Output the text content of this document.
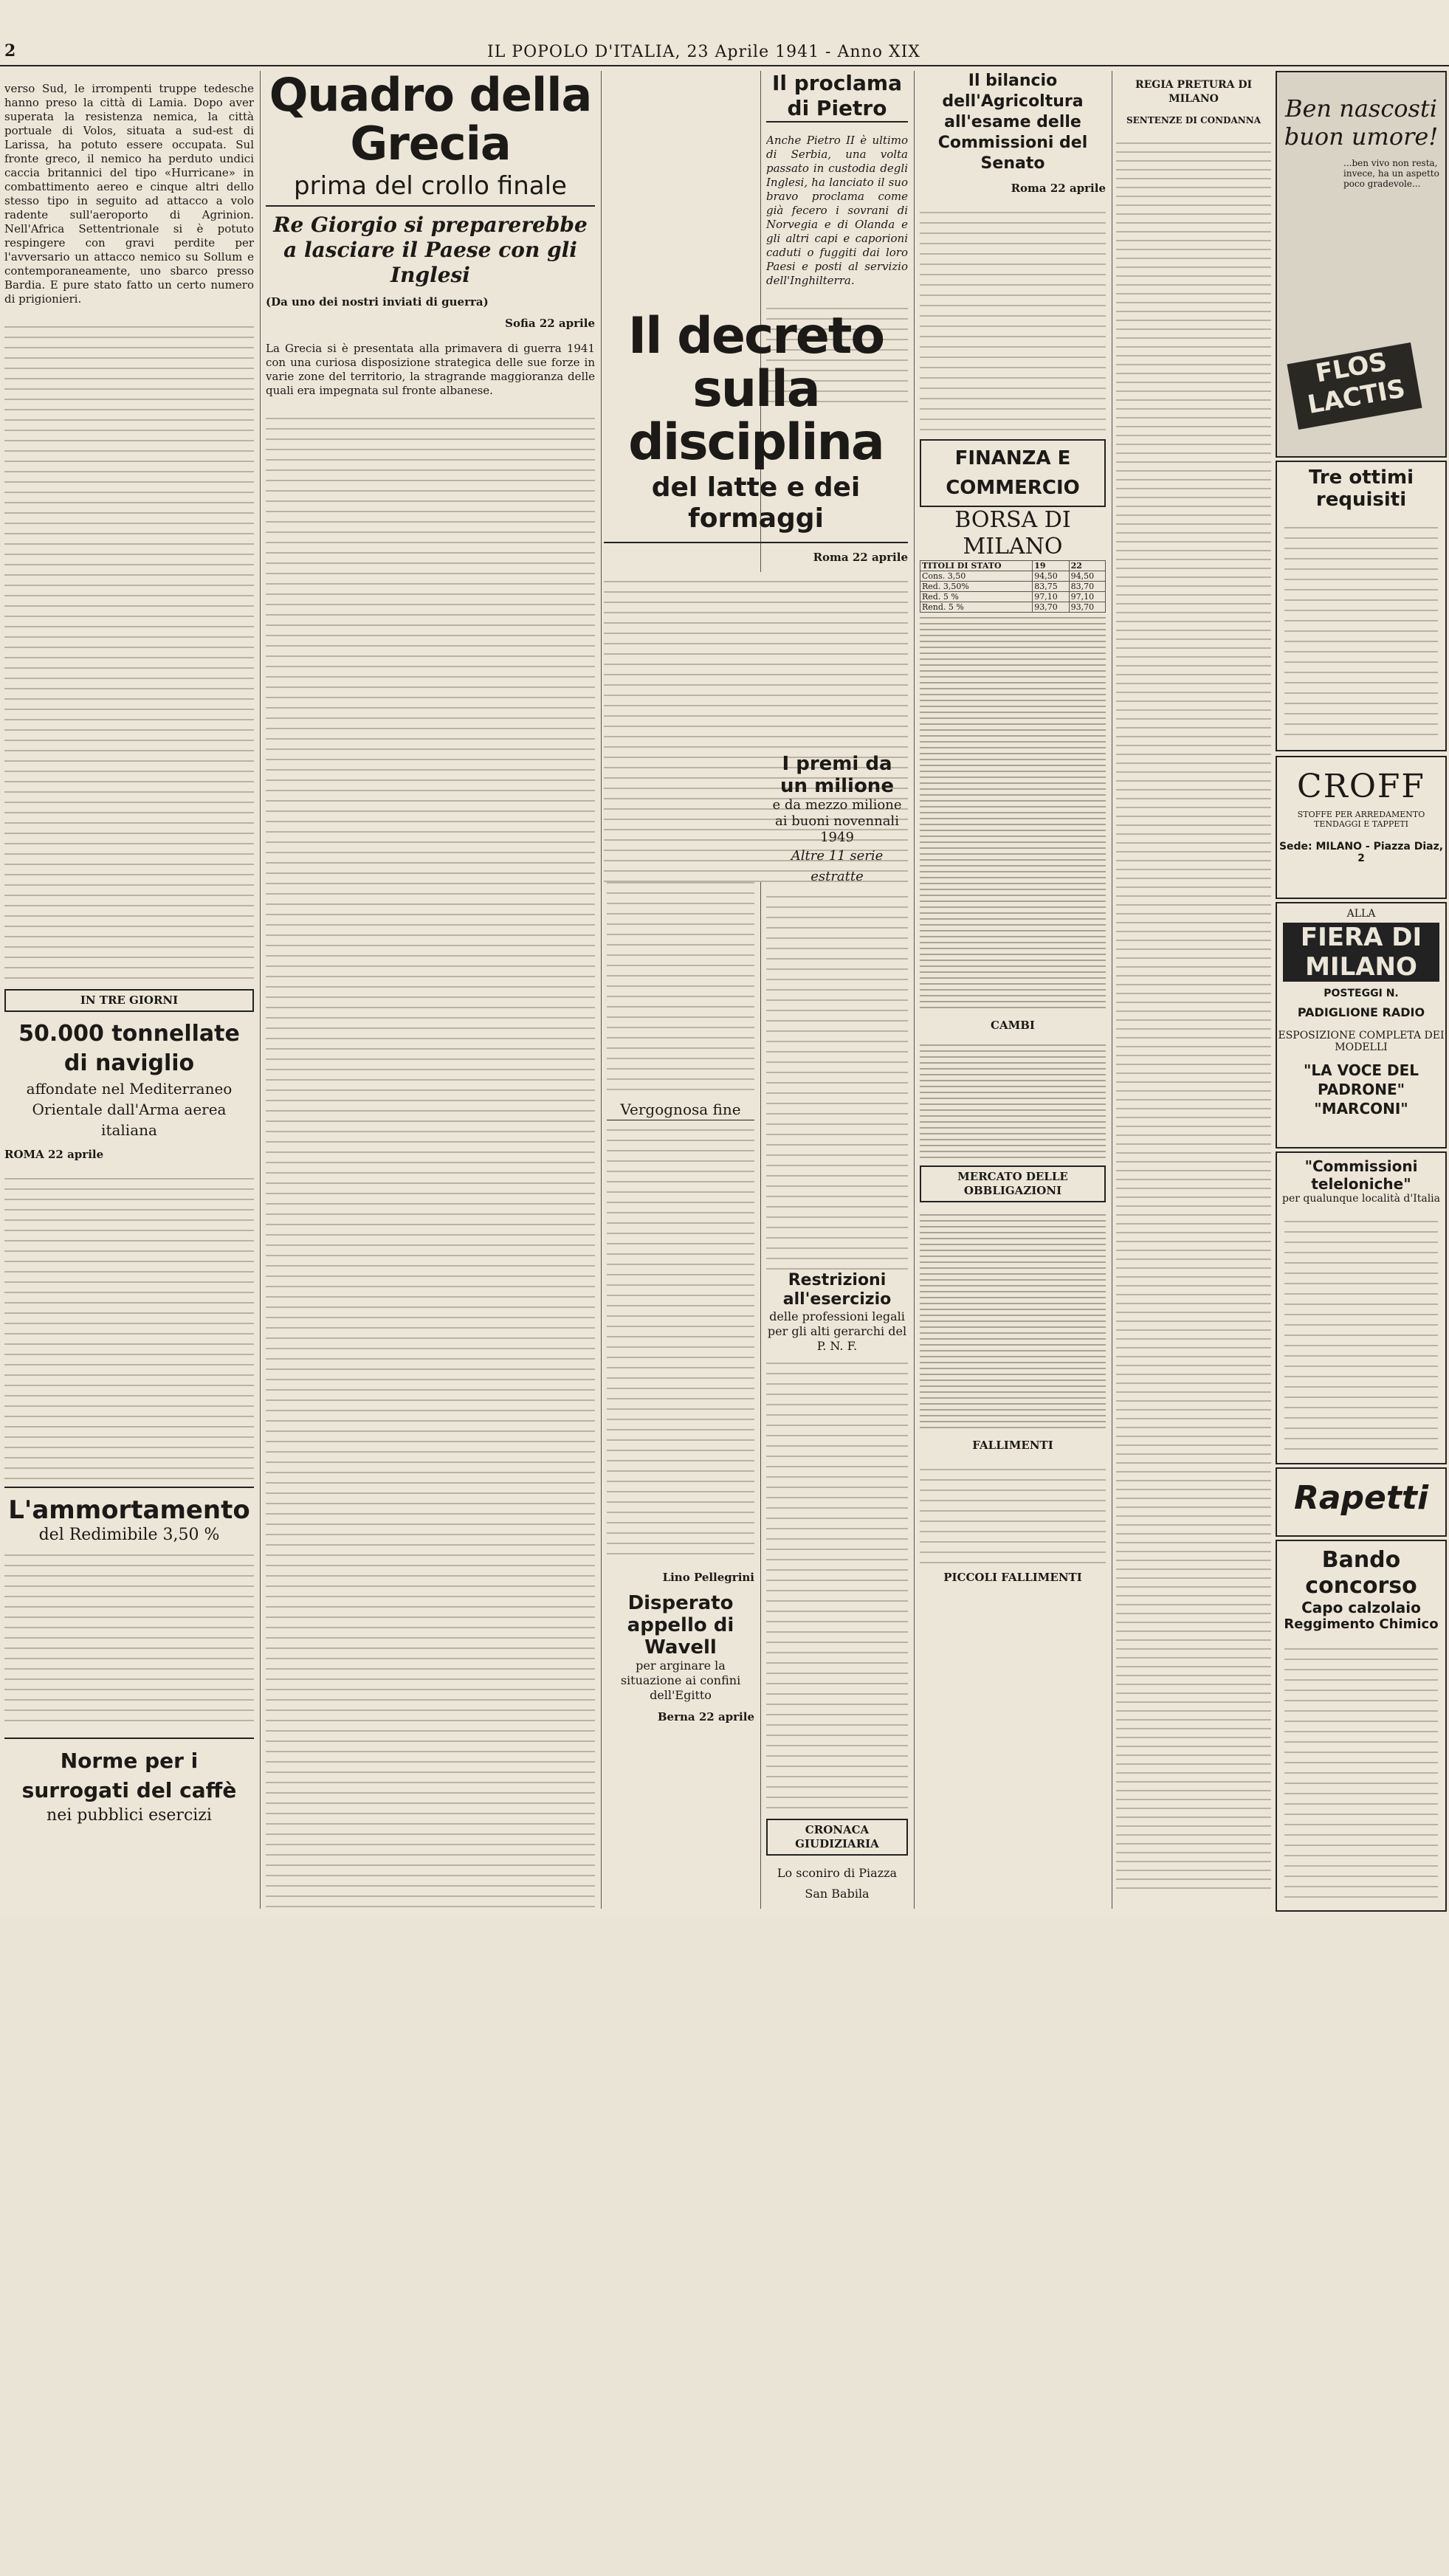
2	IL POPOLO D'ITALIA, 23 Aprile 1941 - Anno XIX

verso Sud, le irrompenti truppe tedesche hanno preso la città di Lamia. Dopo aver superata la resistenza nemica, la città portuale di Volos, situata a sud-est di Larissa, ha potuto essere occupata. Sul fronte greco, il nemico ha perduto undici caccia britannici del tipo «Hurricane» in combattimento aereo e cinque altri dello stesso tipo in seguito ad attacco a volo radente sull'aeroporto di Agrinion. Nell'Africa Settentrionale si è potuto respingere con gravi perdite per l'avversario un attacco nemico su Sollum e contemporaneamente, uno sbarco presso Bardia. E pure stato fatto un certo numero di prigionieri.

IN TRE GIORNI
50.000 tonnellate di naviglio
affondate nel Mediterraneo Orientale dall'Arma aerea italiana
ROMA 22 aprile
L'ammortamento
del Redimibile 3,50 %
Norme per i surrogati del caffè
nei pubblici esercizi
Quadro della Grecia
prima del crollo finale
Re Giorgio si preparerebbe a lasciare il Paese con gli Inglesi
(Da uno dei nostri inviati di guerra)
Sofia 22 aprile

La Grecia si è presentata alla primavera di guerra 1941 con una curiosa disposizione strategica delle sue forze in varie zone del territorio, la stragrande maggioranza delle quali era impegnata sul fronte albanese.

Vergognosa fine
Lino Pellegrini
Disperato appello di Wavell
per arginare la situazione ai confini dell'Egitto
Berna 22 aprile
Il proclama di Pietro

Anche Pietro II è ultimo di Serbia, una volta passato in custodia degli Inglesi, ha lanciato il suo bravo proclama come già fecero i sovrani di Norvegia e di Olanda e gli altri capi e caporioni caduti o fuggiti dai loro Paesi e posti al servizio dell'Inghilterra.

Il decreto sulla disciplina
del latte e dei formaggi
Roma 22 aprile
I premi da un milione
e da mezzo milione ai buoni novennali 1949
Altre 11 serie estratte
Restrizioni all'esercizio
delle professioni legali per gli alti gerarchi del P. N. F.
CRONACA GIUDIZIARIA
Lo sconiro di Piazza San Babila
Il bilancio dell'Agricoltura all'esame delle Commissioni del Senato
Roma 22 aprile
FINANZA E COMMERCIO
BORSA DI MILANO
TITOLI DI STATO	19	22
Cons. 3,50	94,50	94,50
Red. 3,50%	83,75	83,70
Red. 5 %	97,10	97,10
Rend. 5 %	93,70	93,70
CAMBI
MERCATO DELLE OBBLIGAZIONI
FALLIMENTI
PICCOLI FALLIMENTI
REGIA PRETURA DI MILANO
SENTENZE DI CONDANNA	Ben nascosti buon umore!
...ben vivo non resta, invece, ha un aspetto poco gradevole...
FLOS LACTIS
Tre ottimi requisiti
CROFF
STOFFE PER ARREDAMENTO TENDAGGI E TAPPETI
Sede: MILANO - Piazza Diaz, 2
ALLA
FIERA DI MILANO
POSTEGGI N.
PADIGLIONE RADIO
ESPOSIZIONE COMPLETA DEI MODELLI
"LA VOCE DEL PADRONE" "MARCONI"
"Commissioni teleloniche"
per qualunque località d'Italia
Rapetti
Bando concorso
Capo calzolaio
Reggimento Chimico
